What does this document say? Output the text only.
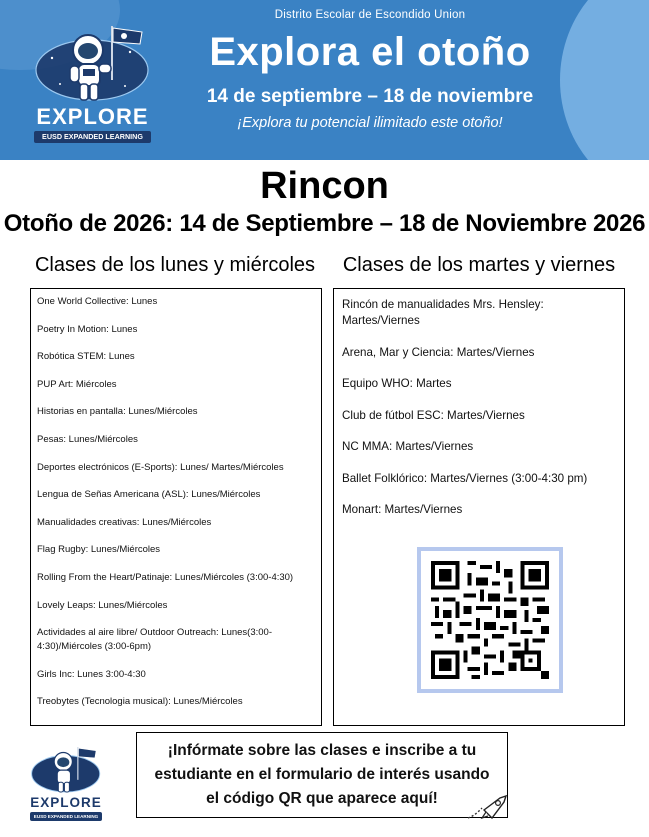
EXPLORE
EUSD EXPANDED LEARNING
Distrito Escolar de Escondido Union
Explora el otoño
14 de septiembre – 18 de noviembre
¡Explora tu potencial ilimitado este otoño!
Rincon
Otoño de 2026: 14 de Septiembre – 18 de Noviembre 2026
Clases de los lunes y miércoles	Clases de los martes y viernes
One World Collective: Lunes
Poetry In Motion: Lunes
Robótica STEM: Lunes
PUP Art: Miércoles
Historias en pantalla: Lunes/Miércoles
Pesas: Lunes/Miércoles
Deportes electrónicos (E-Sports): Lunes/ Martes/Miércoles
Lengua de Señas Americana (ASL): Lunes/Miércoles
Manualidades creativas: Lunes/Miércoles
Flag Rugby: Lunes/Miércoles
Rolling From the Heart/Patinaje: Lunes/Miércoles (3:00-4:30)
Lovely Leaps: Lunes/Miércoles
Actividades al aire libre/ Outdoor Outreach: Lunes(3:00-4:30)/Miércoles (3:00-6pm)
Girls Inc: Lunes 3:00-4:30
Treobytes (Tecnologia musical): Lunes/Miércoles
Rincón de manualidades Mrs. Hensley: Martes/Viernes
Arena, Mar y Ciencia: Martes/Viernes
Equipo WHO: Martes
Club de fútbol ESC: Martes/Viernes
NC MMA: Martes/Viernes
Ballet Folklórico: Martes/Viernes (3:00-4:30 pm)
Monart: Martes/Viernes
EXPLORE
EUSD EXPANDED LEARNING
¡Infórmate sobre las clases e inscribe a tu
estudiante en el formulario de interés usando
el código QR que aparece aquí!
